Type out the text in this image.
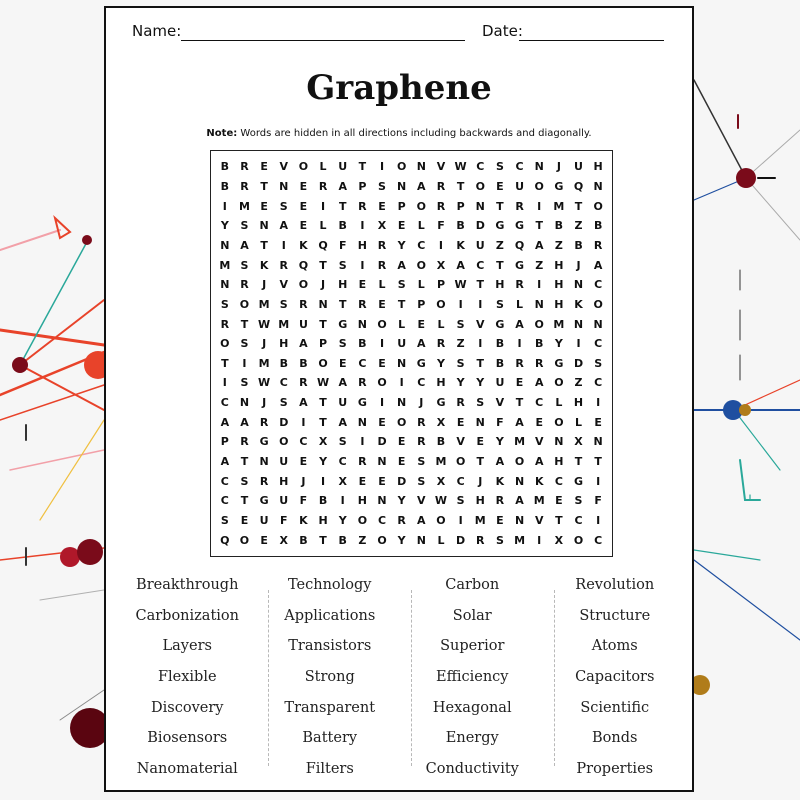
Name:	Date:
Graphene
Note: Words are hidden in all directions including backwards and diagonally.
B	R	E	V O	L	U	T	I	O N V W C	S	C	N	J	U H
B	R	T	N	E	R	A	P	S	N A	R	T	O	E	U O G Q N
I	M E	S	E	I	T	R	E	P O R	P	N	T	R	I	M T	O
Y	S	N A	E	L	B	I	X	E	L	F	B D G G	T	B	Z	B
N A	T	I	K Q	F	H R	Y	C	I	K U	Z Q A	Z	B	R
M S	K	R Q	T	S	I	R	A O X	A	C	T	G	Z	H	J	A
N R	J	V O	J	H	E	L	S	L	P W T	H R	I	H N	C
S	O M S	R N	T	R	E	T	P O	I	I	S	L	N H K O
R	T W M U	T	G N O	L	E	L	S	V G A O M N N
O	S	J	H A	P	S	B	I	U A	R	Z	I	B	I	B	Y	I	C
T	I	M B	B O	E	C	E	N G	Y	S	T	B	R	R G D	S
I	S W C	R W A	R O	I	C	H	Y	Y	U	E	A O Z	C
C	N	J	S	A	T	U G	I	N	J	G R	S	V	T	C	L	H	I
A	A	R D	I	T	A N	E	O R	X	E	N	F	A	E	O	L	E
P	R G O C	X	S	I	D	E	R	B	V	E	Y M V N X N
A	T	N U	E	Y	C	R N	E	S M O	T	A O A H	T	T
C	S	R H	J	I	X	E	E	D	S	X	C	J	K N K	C	G	I
C	T	G U	F	B	I	H N	Y	V W S	H R	A M E	S	F
S	E	U	F	K H	Y O C	R	A O	I	M E	N V	T	C	I
Q O	E	X	B	T	B	Z O Y	N	L	D R	S M	I	X O C
Breakthrough
Carbonization
Layers
Flexible
Discovery
Biosensors
Nanomaterial
Technology
Applications
Transistors
Strong
Transparent
Battery
Filters
Carbon
Solar
Superior
Efficiency
Hexagonal
Energy
Conductivity
Revolution
Structure
Atoms
Capacitors
Scientific
Bonds
Properties
